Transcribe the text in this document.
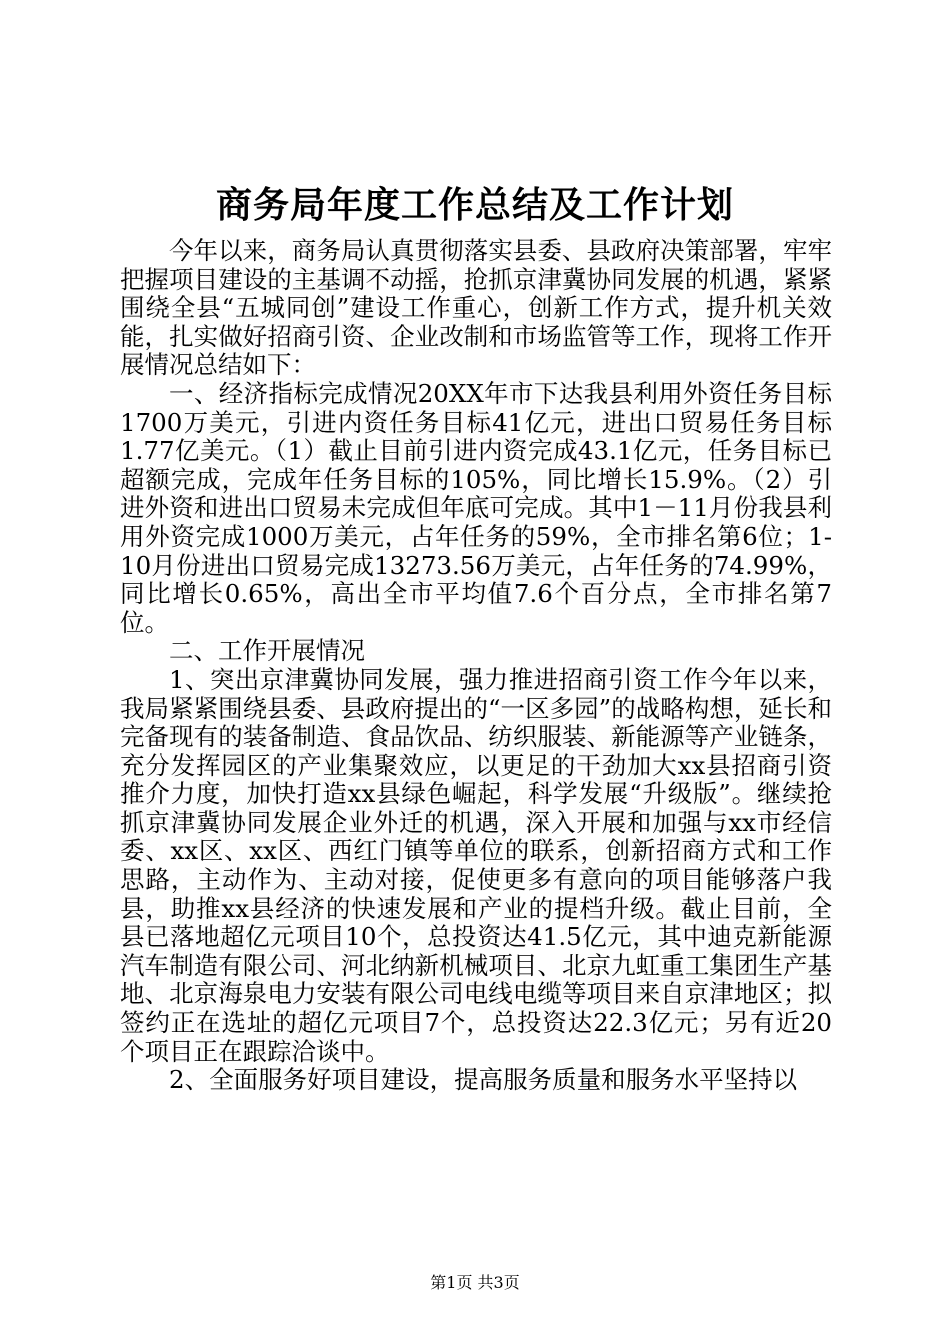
商务局年度工作总结及工作计划

今年以来，商务局认真贯彻落实县委、县政府决策部署，牢牢把握项目建设的主基调不动摇，抢抓京津冀协同发展的机遇，紧紧围绕全县“五城同创”建设工作重心，创新工作方式，提升机关效能，扎实做好招商引资、企业改制和市场监管等工作，现将工作开展情况总结如下：

一、经济指标完成情况20XX年市下达我县利用外资任务目标1700万美元，引进内资任务目标41亿元，进出口贸易任务目标1.77亿美元。（1）截止目前引进内资完成43.1亿元，任务目标已超额完成，完成年任务目标的105%，同比增长15.9%。（2）引进外资和进出口贸易未完成但年底可完成。其中1－11月份我县利用外资完成1000万美元，占年任务的59%，全市排名第6位；1-10月份进出口贸易完成13273.56万美元，占年任务的74.99%，同比增长0.65%，高出全市平均值7.6个百分点，全市排名第7位。

二、工作开展情况

1、突出京津冀协同发展，强力推进招商引资工作今年以来，我局紧紧围绕县委、县政府提出的“一区多园”的战略构想，延长和完备现有的装备制造、食品饮品、纺织服装、新能源等产业链条，充分发挥园区的产业集聚效应，以更足的干劲加大xx县招商引资推介力度，加快打造xx县绿色崛起，科学发展“升级版”。继续抢抓京津冀协同发展企业外迁的机遇，深入开展和加强与xx市经信委、xx区、xx区、西红门镇等单位的联系，创新招商方式和工作思路，主动作为、主动对接，促使更多有意向的项目能够落户我县，助推xx县经济的快速发展和产业的提档升级。截止目前，全县已落地超亿元项目10个，总投资达41.5亿元，其中迪克新能源汽车制造有限公司、河北纳新机械项目、北京九虹重工集团生产基地、北京海泉电力安装有限公司电线电缆等项目来自京津地区；拟签约正在选址的超亿元项目7个，总投资达22.3亿元；另有近20个项目正在跟踪洽谈中。

2、全面服务好项目建设，提高服务质量和服务水平坚持以

第1页 共3页
